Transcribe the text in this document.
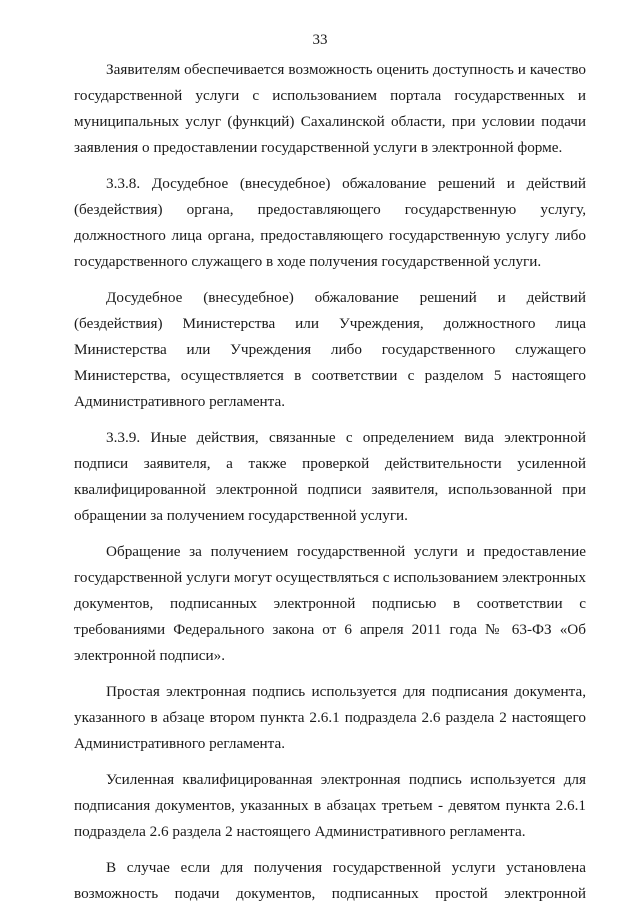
33

Заявителям обеспечивается возможность оценить доступность и качество государственной услуги с использованием портала государственных и муниципальных услуг (функций) Сахалинской области, при условии подачи заявления о предоставлении государственной услуги в электронной форме.

3.3.8. Досудебное (внесудебное) обжалование решений и действий (бездействия) органа, предоставляющего государственную услугу, должностного лица органа, предоставляющего государственную услугу либо государственного служащего в ходе получения государственной услуги.

Досудебное (внесудебное) обжалование решений и действий (бездействия) Министерства или Учреждения, должностного лица Министерства или Учреждения либо государственного служащего Министерства, осуществляется в соответствии с разделом 5 настоящего Административного регламента.

3.3.9. Иные действия, связанные с определением вида электронной подписи заявителя, а также проверкой действительности усиленной квалифицированной электронной подписи заявителя, использованной при обращении за получением государственной услуги.

Обращение за получением государственной услуги и предоставление государственной услуги могут осуществляться с использованием электронных документов, подписанных электронной подписью в соответствии с требованиями Федерального закона от 6 апреля 2011 года № 63-ФЗ «Об электронной подписи».

Простая электронная подпись используется для подписания документа, указанного в абзаце втором пункта 2.6.1 подраздела 2.6 раздела 2 настоящего Административного регламента.

Усиленная квалифицированная электронная подпись используется для подписания документов, указанных в абзацах третьем - девятом пункта 2.6.1 подраздела 2.6 раздела 2 настоящего Административного регламента.

В случае если для получения государственной услуги установлена возможность подачи документов, подписанных простой электронной
